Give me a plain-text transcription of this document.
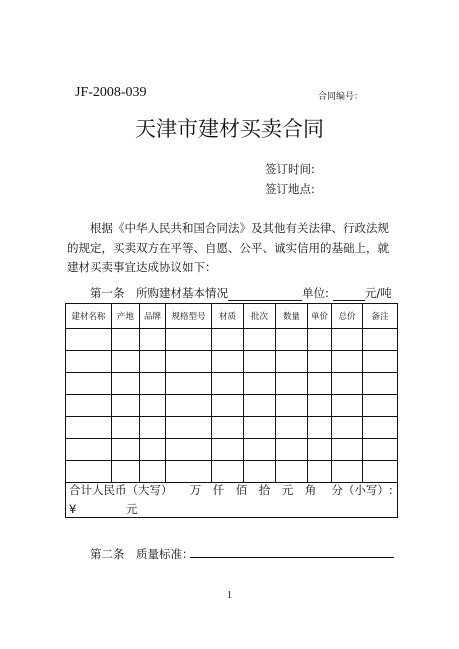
JF-2008-039	合同编号：
天津市建材买卖合同
签订时间:
签订地点:
根据《中华人民共和国合同法》及其他有关法律、行政法规的规定，买卖双方在平等、自愿、公平、诚实信用的基础上，就建材买卖事宜达成协议如下：
第一条　所购建材基本情况	单位:	元/吨
建材名称	产地	品牌	规格型号	材质	批次	数量	单价	总价	备注

合计人民币（大写）　　万　仟　佰　拾　元　角　 分（小写）:
¥　　　　 元
第二条　质量标准：
1
